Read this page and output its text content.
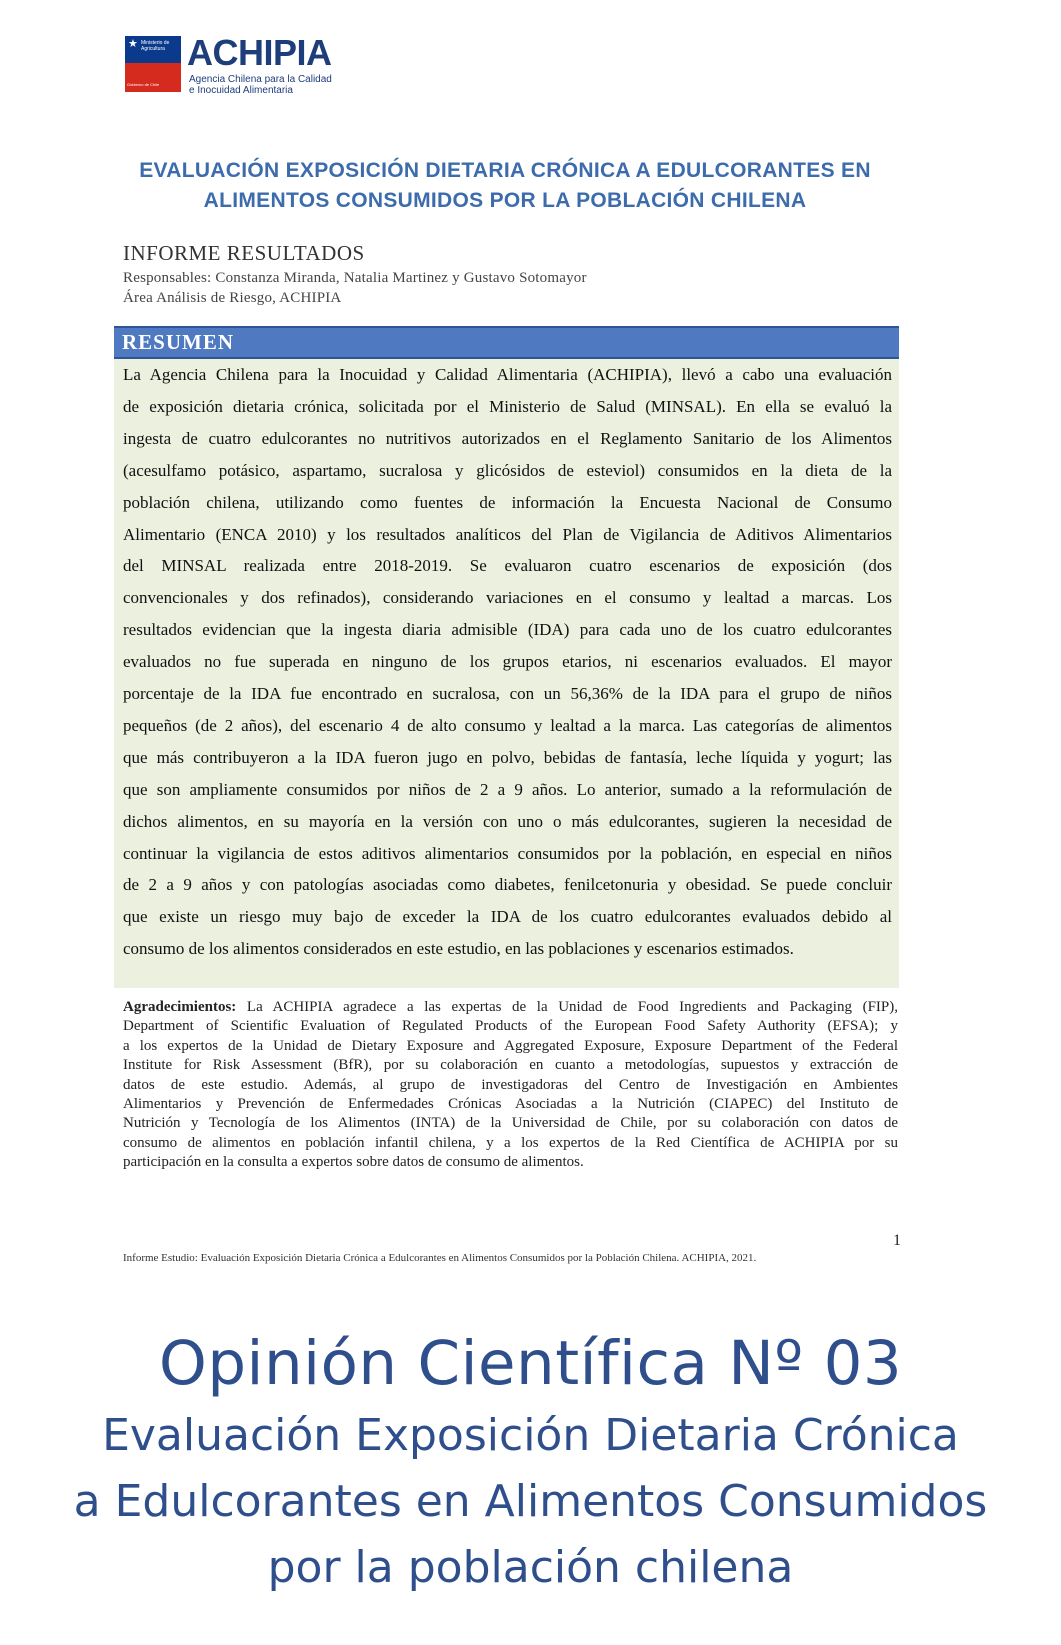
★ Ministerio de Agricultura
Gobierno de Chile
ACHIPIA
Agencia Chilena para la Calidad
e Inocuidad Alimentaria
EVALUACIÓN EXPOSICIÓN DIETARIA CRÓNICA A EDULCORANTES EN
ALIMENTOS CONSUMIDOS POR LA POBLACIÓN CHILENA
INFORME RESULTADOS
Responsables: Constanza Miranda, Natalia Martinez y Gustavo Sotomayor
Área Análisis de Riesgo, ACHIPIA
RESUMEN
La Agencia Chilena para la Inocuidad y Calidad Alimentaria (ACHIPIA), llevó a cabo una evaluación
de exposición dietaria crónica, solicitada por el Ministerio de Salud (MINSAL). En ella se evaluó la
ingesta de cuatro edulcorantes no nutritivos autorizados en el Reglamento Sanitario de los Alimentos
(acesulfamo potásico, aspartamo, sucralosa y glicósidos de esteviol) consumidos en la dieta de la
población chilena, utilizando como fuentes de información la Encuesta Nacional de Consumo
Alimentario (ENCA 2010) y los resultados analíticos del Plan de Vigilancia de Aditivos Alimentarios
del MINSAL realizada entre 2018-2019. Se evaluaron cuatro escenarios de exposición (dos
convencionales y dos refinados), considerando variaciones en el consumo y lealtad a marcas. Los
resultados evidencian que la ingesta diaria admisible (IDA) para cada uno de los cuatro edulcorantes
evaluados no fue superada en ninguno de los grupos etarios, ni escenarios evaluados. El mayor
porcentaje de la IDA fue encontrado en sucralosa, con un 56,36% de la IDA para el grupo de niños
pequeños (de 2 años), del escenario 4 de alto consumo y lealtad a la marca. Las categorías de alimentos
que más contribuyeron a la IDA fueron jugo en polvo, bebidas de fantasía, leche líquida y yogurt; las
que son ampliamente consumidos por niños de 2 a 9 años. Lo anterior, sumado a la reformulación de
dichos alimentos, en su mayoría en la versión con uno o más edulcorantes, sugieren la necesidad de
continuar la vigilancia de estos aditivos alimentarios consumidos por la población, en especial en niños
de 2 a 9 años y con patologías asociadas como diabetes, fenilcetonuria y obesidad. Se puede concluir
que existe un riesgo muy bajo de exceder la IDA de los cuatro edulcorantes evaluados debido al
consumo de los alimentos considerados en este estudio, en las poblaciones y escenarios estimados.
Agradecimientos: La ACHIPIA agradece a las expertas de la Unidad de Food Ingredients and Packaging (FIP),
Department of Scientific Evaluation of Regulated Products of the European Food Safety Authority (EFSA); y
a los expertos de la Unidad de Dietary Exposure and Aggregated Exposure, Exposure Department of the Federal
Institute for Risk Assessment (BfR), por su colaboración en cuanto a metodologías, supuestos y extracción de
datos de este estudio. Además, al grupo de investigadoras del Centro de Investigación en Ambientes
Alimentarios y Prevención de Enfermedades Crónicas Asociadas a la Nutrición (CIAPEC) del Instituto de
Nutrición y Tecnología de los Alimentos (INTA) de la Universidad de Chile, por su colaboración con datos de
consumo de alimentos en población infantil chilena, y a los expertos de la Red Científica de ACHIPIA por su
participación en la consulta a expertos sobre datos de consumo de alimentos.
1
Informe Estudio: Evaluación Exposición Dietaria Crónica a Edulcorantes en Alimentos Consumidos por la Población Chilena. ACHIPIA, 2021.
Opinión Científica Nº 03
Evaluación Exposición Dietaria Crónica
a Edulcorantes en Alimentos Consumidos
por la población chilena
